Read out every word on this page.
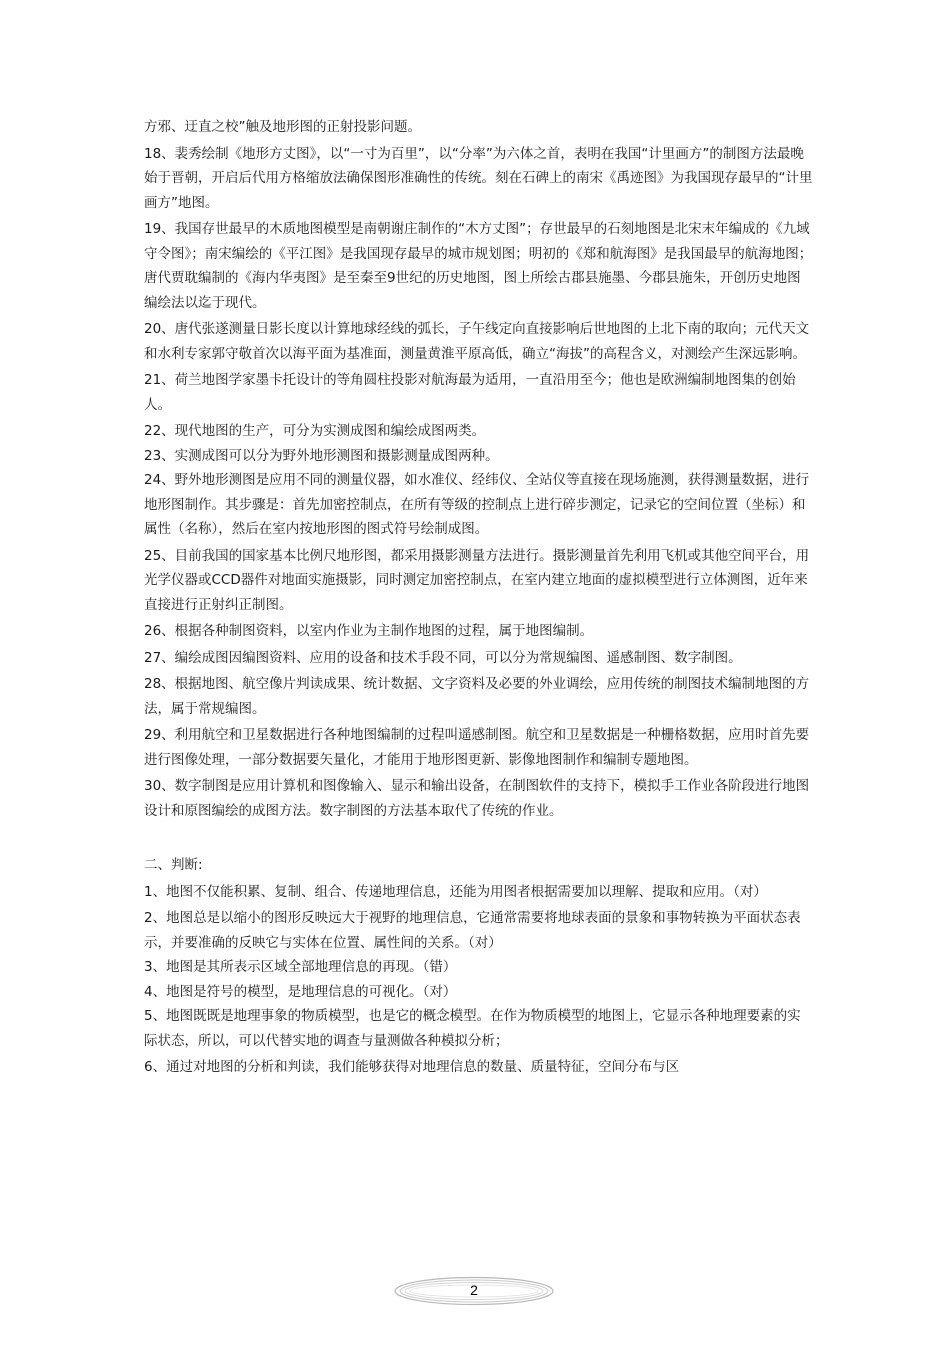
方邪、迂直之校”触及地形图的正射投影问题。

18、裴秀绘制《地形方丈图》，以“一寸为百里”，以“分率”为六体之首，表明在我国“计里画方”的制图方法最晚始于晋朝，开启后代用方格缩放法确保图形准确性的传统。刻在石碑上的南宋《禹迹图》为我国现存最早的“计里画方”地图。

19、我国存世最早的木质地图模型是南朝谢庄制作的“木方丈图”；存世最早的石刻地图是北宋末年编成的《九域守令图》；南宋编绘的《平江图》是我国现存最早的城市规划图；明初的《郑和航海图》是我国最早的航海地图；唐代贾耽编制的《海内华夷图》是至秦至9世纪的历史地图，图上所绘古郡县施墨、今郡县施朱，开创历史地图编绘法以迄于现代。

20、唐代张遂测量日影长度以计算地球经线的弧长，子午线定向直接影响后世地图的上北下南的取向；元代天文和水利专家郭守敬首次以海平面为基准面，测量黄淮平原高低，确立“海拔”的高程含义，对测绘产生深远影响。

21、荷兰地图学家墨卡托设计的等角圆柱投影对航海最为适用，一直沿用至今；他也是欧洲编制地图集的创始人。

22、现代地图的生产，可分为实测成图和编绘成图两类。

23、实测成图可以分为野外地形测图和摄影测量成图两种。

24、野外地形测图是应用不同的测量仪器，如水准仪、经纬仪、全站仪等直接在现场施测，获得测量数据，进行地形图制作。其步骤是：首先加密控制点，在所有等级的控制点上进行碎步测定，记录它的空间位置（坐标）和属性（名称），然后在室内按地形图的图式符号绘制成图。

25、目前我国的国家基本比例尺地形图，都采用摄影测量方法进行。摄影测量首先利用飞机或其他空间平台，用光学仪器或CCD器件对地面实施摄影，同时测定加密控制点，在室内建立地面的虚拟模型进行立体测图，近年来直接进行正射纠正制图。

26、根据各种制图资料，以室内作业为主制作地图的过程，属于地图编制。

27、编绘成图因编图资料、应用的设备和技术手段不同，可以分为常规编图、遥感制图、数字制图。

28、根据地图、航空像片判读成果、统计数据、文字资料及必要的外业调绘，应用传统的制图技术编制地图的方法，属于常规编图。

29、利用航空和卫星数据进行各种地图编制的过程叫遥感制图。航空和卫星数据是一种栅格数据，应用时首先要进行图像处理，一部分数据要矢量化，才能用于地形图更新、影像地图制作和编制专题地图。

30、数字制图是应用计算机和图像输入、显示和输出设备，在制图软件的支持下，模拟手工作业各阶段进行地图设计和原图编绘的成图方法。数字制图的方法基本取代了传统的作业。

二、判断:

1、地图不仅能积累、复制、组合、传递地理信息，还能为用图者根据需要加以理解、提取和应用。（对）

2、地图总是以缩小的图形反映远大于视野的地理信息，它通常需要将地球表面的景象和事物转换为平面状态表示，并要准确的反映它与实体在位置、属性间的关系。（对）

3、地图是其所表示区域全部地理信息的再现。（错）

4、地图是符号的模型，是地理信息的可视化。（对）

5、地图既既是地理事象的物质模型，也是它的概念模型。在作为物质模型的地图上，它显示各种地理要素的实际状态，所以，可以代替实地的调查与量测做各种模拟分析；

6、通过对地图的分析和判读，我们能够获得对地理信息的数量、质量特征，空间分布与区

2
